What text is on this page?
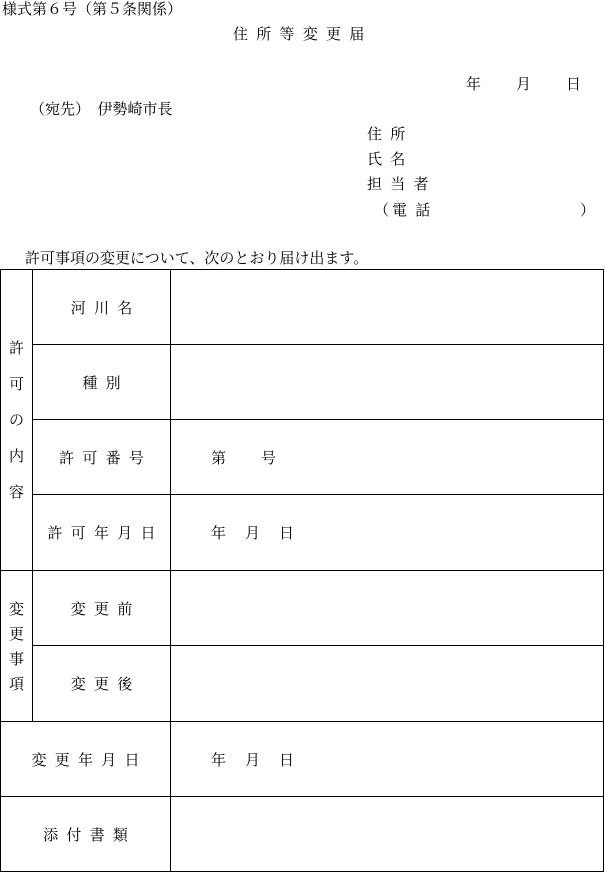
様式第６号（第５条関係）
住所等変更届
年 月 日
（宛先）　伊勢崎市長
住所
氏名
担当者
（ 電話	）
許可事項の変更について、次のとおり届け出ます。
許
可
の
内
容	河川名	
	種別	
	許可番号	第 号
	許可年月日	年 月 日

変
更
事
項	変更前	
	変更後	
変更年月日		年 月 日
添付書類		
